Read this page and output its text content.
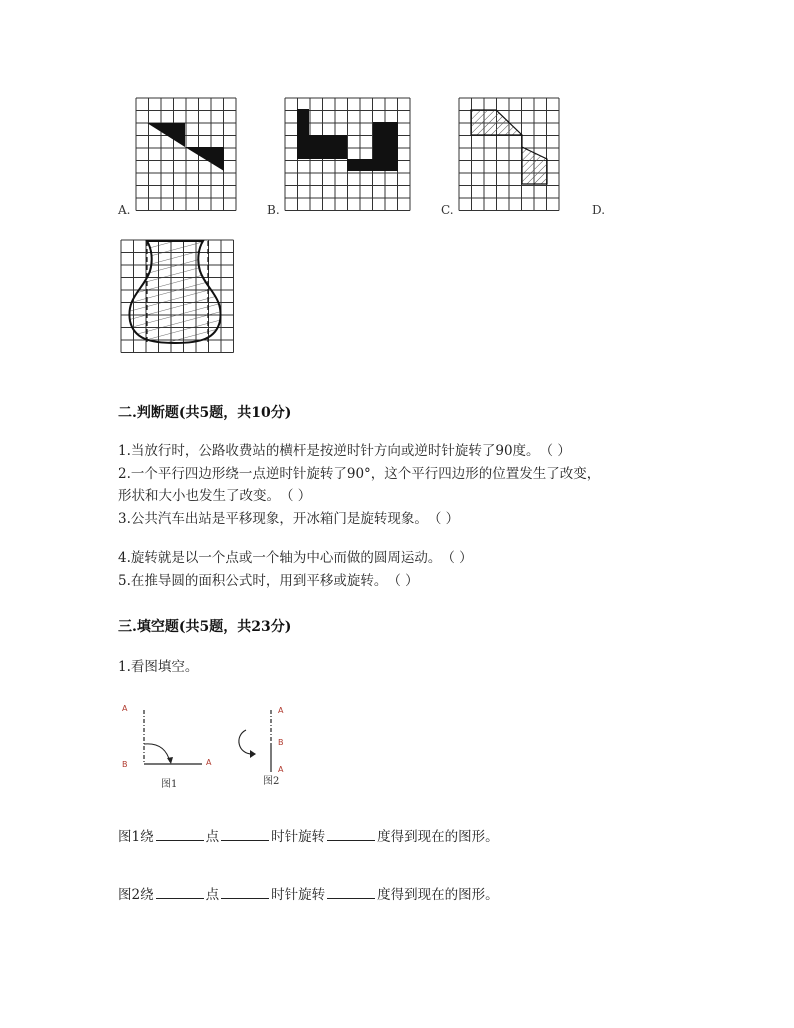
A.	B.	C.	D.
二.判断题(共5题，共10分)
1.当放行时，公路收费站的横杆是按逆时针方向或逆时针旋转了90度。　（ ）
2.一个平行四边形绕一点逆时针旋转了90°，这个平行四边形的位置发生了改变，
形状和大小也发生了改变。　（ ）
3.公共汽车出站是平移现象，开冰箱门是旋转现象。　（ ）
4.旋转就是以一个点或一个轴为中心而做的圆周运动。　（ ）
5.在推导圆的面积公式时，用到平移或旋转。　（ ）
三.填空题(共5题，共23分)
1.看图填空。
A
B	A
图1
A
B
A
图2
图1绕	点	时针旋转	度得到现在的图形。
图2绕	点	时针旋转	度得到现在的图形。
